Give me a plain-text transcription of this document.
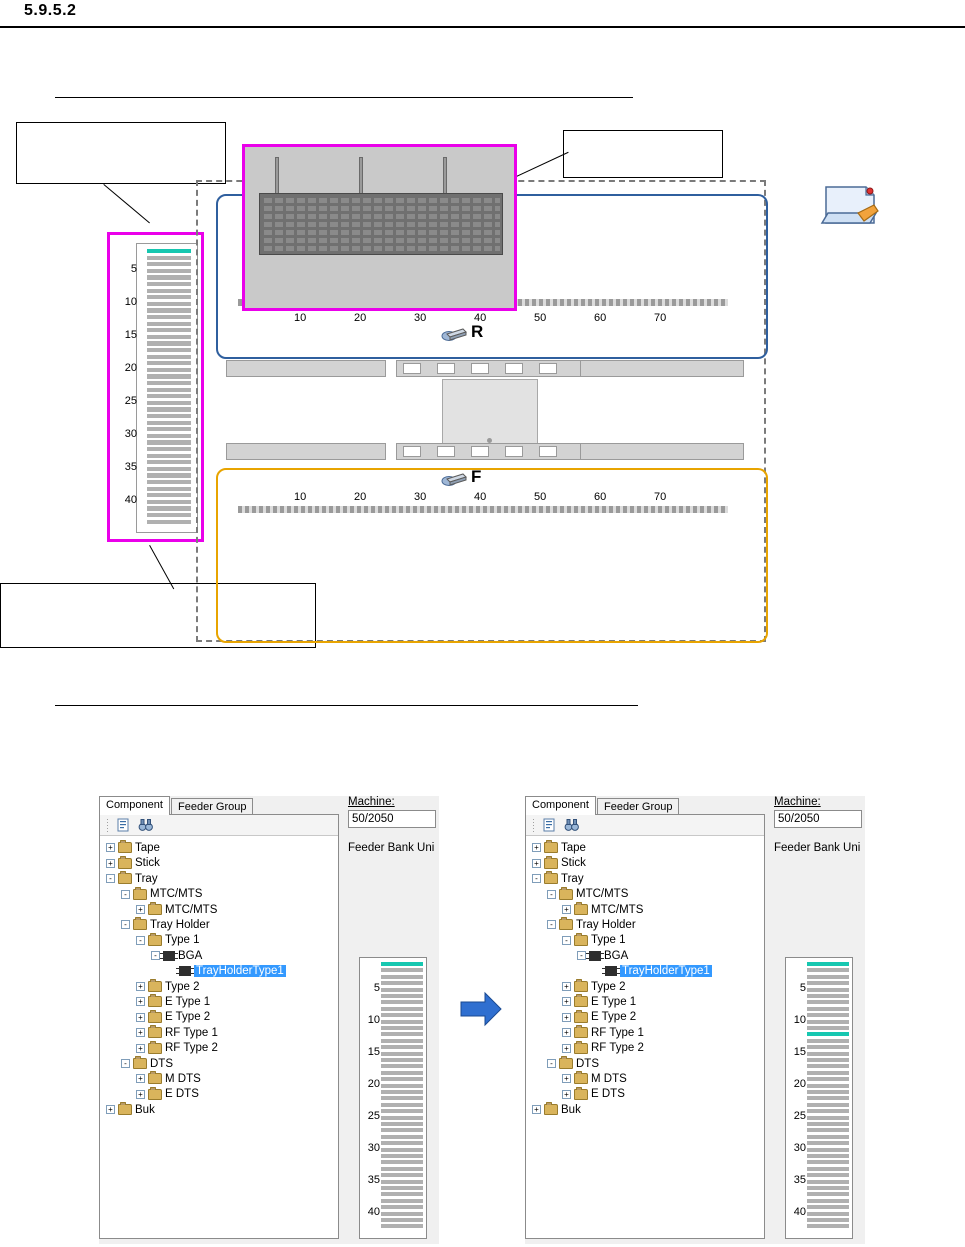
5.9.5.2
5
10
15
20
25
30
35
40
10	20	30	40	50	60	70
R
F
10	20	30	40	50	60	70
Component	Feeder Group
+ Tape
+ Stick
- Tray
- MTC/MTS
+ MTC/MTS
- Tray Holder
- Type 1
- BGA
TrayHolderType1
+ Type 2
+ E Type 1
+ E Type 2
+ RF Type 1
+ RF Type 2
- DTS
+ M DTS
+ E DTS
+ Buk
Machine:
50/2050
Feeder Bank Uni
5
10
15
20
25
30
35
40
Component	Feeder Group
+ Tape
+ Stick
- Tray
- MTC/MTS
+ MTC/MTS
- Tray Holder
- Type 1
- BGA
TrayHolderType1
+ Type 2
+ E Type 1
+ E Type 2
+ RF Type 1
+ RF Type 2
- DTS
+ M DTS
+ E DTS
+ Buk
Machine:
50/2050
Feeder Bank Uni
5
10
15
20
25
30
35
40
